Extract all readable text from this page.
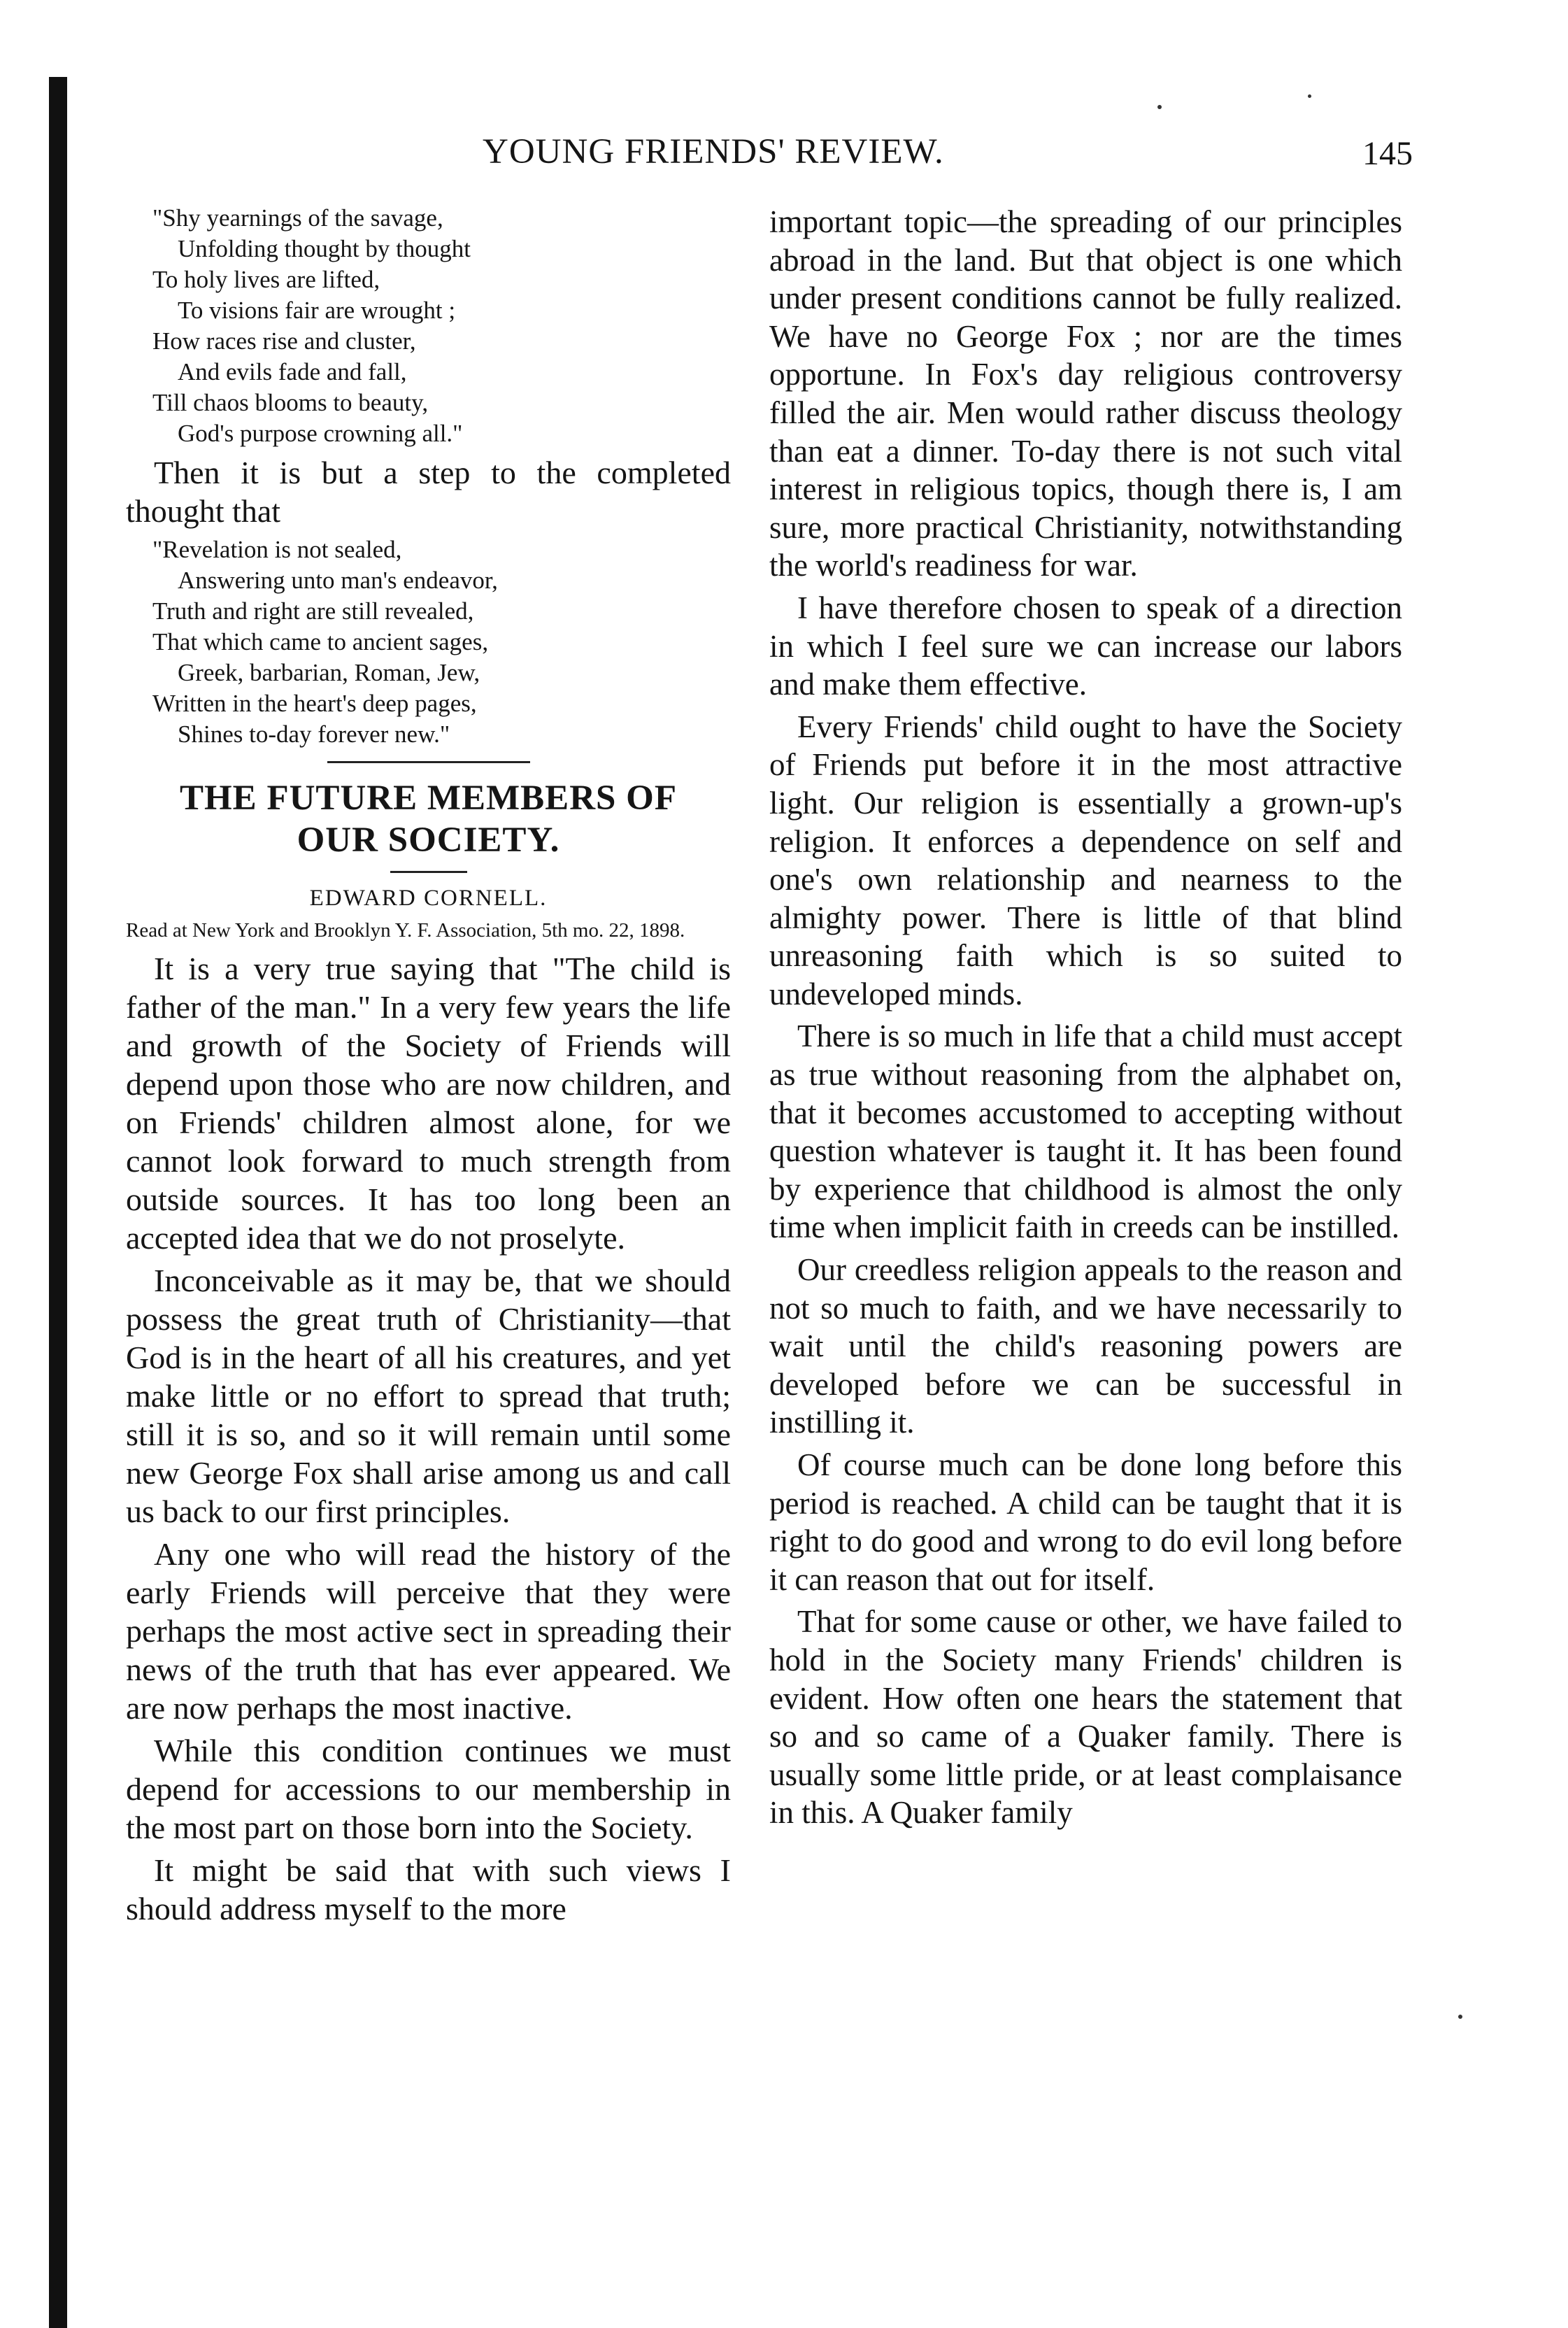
YOUNG FRIENDS' REVIEW.	145
"Shy yearnings of the savage,
Unfolding thought by thought
To holy lives are lifted,
To visions fair are wrought ;
How races rise and cluster,
And evils fade and fall,
Till chaos blooms to beauty,
God's purpose crowning all."

Then it is but a step to the completed thought that

"Revelation is not sealed,
Answering unto man's endeavor,
Truth and right are still revealed,
That which came to ancient sages,
Greek, barbarian, Roman, Jew,
Written in the heart's deep pages,
Shines to-day forever new."
THE FUTURE MEMBERS OF
OUR SOCIETY.
EDWARD CORNELL.

Read at New York and Brooklyn Y. F. Association, 5th mo. 22, 1898.

It is a very true saying that "The child is father of the man." In a very few years the life and growth of the Society of Friends will depend upon those who are now children, and on Friends' children almost alone, for we cannot look forward to much strength from outside sources. It has too long been an accepted idea that we do not proselyte.

Inconceivable as it may be, that we should possess the great truth of Christianity—that God is in the heart of all his creatures, and yet make little or no effort to spread that truth; still it is so, and so it will remain until some new George Fox shall arise among us and call us back to our first principles.

Any one who will read the history of the early Friends will perceive that they were perhaps the most active sect in spreading their news of the truth that has ever appeared. We are now perhaps the most inactive.

While this condition continues we must depend for accessions to our membership in the most part on those born into the Society.

It might be said that with such views I should address myself to the more

important topic—the spreading of our principles abroad in the land. But that object is one which under present conditions cannot be fully realized. We have no George Fox ; nor are the times opportune. In Fox's day religious controversy filled the air. Men would rather discuss theology than eat a dinner. To-day there is not such vital interest in religious topics, though there is, I am sure, more practical Christianity, notwithstanding the world's readiness for war.

I have therefore chosen to speak of a direction in which I feel sure we can increase our labors and make them effective.

Every Friends' child ought to have the Society of Friends put before it in the most attractive light. Our religion is essentially a grown-up's religion. It enforces a dependence on self and one's own relationship and nearness to the almighty power. There is little of that blind unreasoning faith which is so suited to undeveloped minds.

There is so much in life that a child must accept as true without reasoning from the alphabet on, that it becomes accustomed to accepting without question whatever is taught it. It has been found by experience that childhood is almost the only time when implicit faith in creeds can be instilled.

Our creedless religion appeals to the reason and not so much to faith, and we have necessarily to wait until the child's reasoning powers are developed before we can be successful in instilling it.

Of course much can be done long before this period is reached. A child can be taught that it is right to do good and wrong to do evil long before it can reason that out for itself.

That for some cause or other, we have failed to hold in the Society many Friends' children is evident. How often one hears the statement that so and so came of a Quaker family. There is usually some little pride, or at least complaisance in this. A Quaker family
